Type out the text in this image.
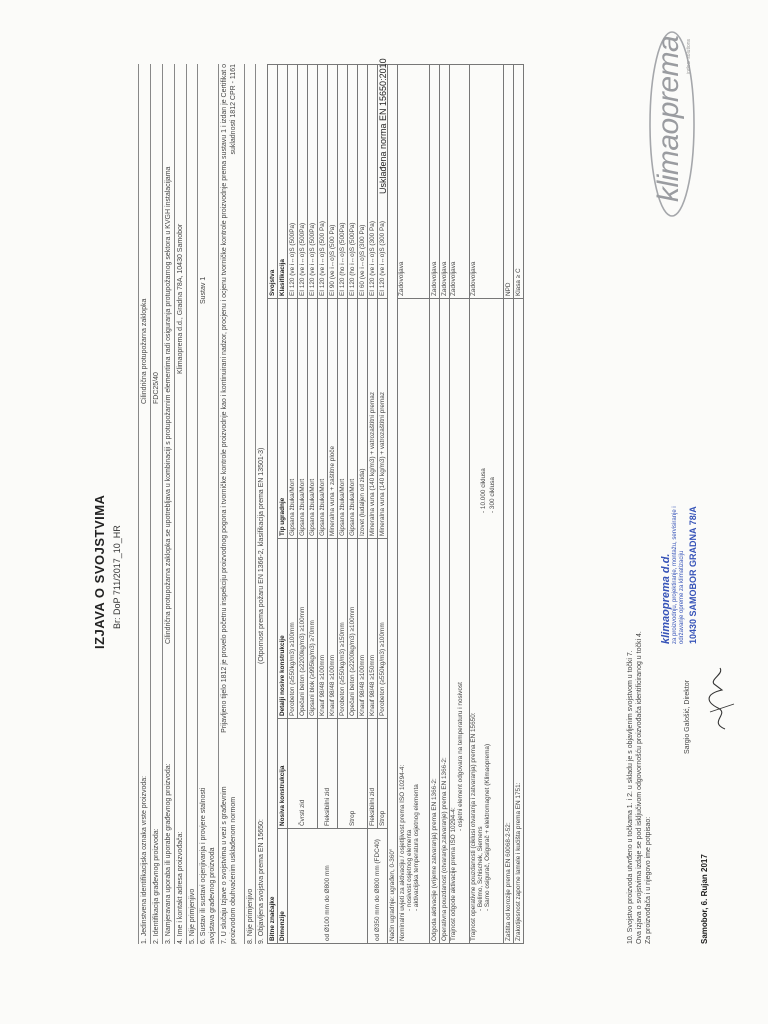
IZJAVA O SVOJSTVIMA Br: DoP 711/2017_10_HR
1. Jedinstvena identifikacijska oznaka vrste proizvoda:
Cilindrična protupožarna zaklopka
2. Identifikacija građevnog proizvoda:
FDC25/40
3. Namjeravana uporaba ili uporabe građevnog proizvoda:
Cilindrična protupožarna zaklopka se upotrebljava u kombinaciji s protupožarnim elementima radi osiguranja protupožarnog sektora u KVGH instalacijama
4. Ime i kontakt adresa proizvođača:
Klimaoprema d.d., Gradna 78A, 10430 Samobor
5. Nije primjenjivo 6. Sustav ili sustavi ocjenjivanja i provjere stalnosti svojstava građevnog proizvoda
Sustav 1
7. U slučaju Izjave o svojstvima u vezi s građevnim proizvodom obuhvaćenim usklađenom normom
Prijavljeno tijelo 1812 je provelo početnu inspekciju proizvodnog pogona i tvorničke kontrole proizvodnje kao i kontinuirani nadzor, procjenu i ocjenu tvorničke kontrole proizvodnje prema sustavu 1 i izdan je Certifikat o sukladnosti 1812 CPR - 1161
8. Nije primjenjivo 9. Objavljena svojstva prema EN 15650:
(Otpornost prema požaru EN 1366-2, klasifikacija prema EN 13501-3)
Bitne značajke				Svojstva
Dimenzije	Nosiva konstrukcija	Detalji nosive konstrukcije	Tip ugradnje	Klasifikacija
od Ø100 mm do Ø800 mm	Čvrsti zid	Porobeton (≥550kg/m3) ≥100mm	Gipsana žbuka/Mort	EI 120 (ve i↔o)S (500Pa)
		Opečani beton (≥2200kg/m3) ≥100mm	Gipsana žbuka/Mort	EI 120 (ve i↔o)S (500Pa)
		Gipsani blok (≥995kg/m3) ≥70mm	Gipsana žbuka/Mort	EI 120 (ve i↔o)S (500Pa)
	Fleksibilni zid	Knauf 98/48 ≥100mm	Gipsana žbuka/Mort	EI 120 (ve i↔o)S (500 Pa)
		Knauf 98/48 ≥100mm	Mineralna vuna + zaštitne ploče	EI 90 (ve i↔o)S (500 Pa)
	Strop	Porobeton (≥550kg/m3) ≥150mm	Gipsana žbuka/Mort	EI 120 (ho i↔o)S (500Pa)
		Opečani beton (≥2200kg/m3) ≥100mm	Gipsana žbuka/Mort	EI 120 (ho i↔o)S (500Pa)
		Knauf 98/48 ≥100mm	Izovet (ludaljen od zida)	EI 60 (ve i↔o)S (300 Pa)
od Ø350 mm do Ø800 mm (FDC40)	Fleksibilni zid	Knauf 98/48 ≥150mm	Mineralna vuna (140 kg/m3) + vatrozaštitni premaz	EI 120 (ve i↔o)S (300 Pa)
	Strop	Porobeton (≥550kg/m3) ≥100mm	Mineralna vuna (140 kg/m3) + vatrozaštitni premaz	EI 120 (ve i↔o)S (300 Pa)
Način ugradnje: ugrađen, 0-360°				

Nominalni uvjeti za aktivaciju / osjetljivost prema ISO 10294-4: - nosivost osjetnog elementa - aktivacijska temperatura osjetnog elementa				Zadovoljava
Odgoda aktivacije (vrijeme zatvaranja) prema EN 1366-2:				Zadovoljava
Operativna pouzdanost (otvaranje,zatvaranje) prema EN 1366-2:				Zadovoljava

Trajnost odgode aktivacije prema ISO 10294-4:
- osjetni element odgovara na temperaturu i nosivost				Zadovoljava

Trajnost operativne pouzdanosti (ciklusi otvaranja i zatvaranja) prema EN 15650: - Belimo, Schischek, Siemens - Samo osigurač, Osigurač + elektromagnet (Klimaoprema)
- 10.000 ciklusa - 300 ciklusa				Zadovoljava
Zaštita od korozije prema EN 60068-2-52:				NPD
Zrakotijesnost zaporne lamele i kućišta prema EN 1751:				Klasa ≥ C
10. Svojstvo proizvoda utvrđeno u točkama 1. i 2. u skladu je s objavljenim svojstvom u točki 7. Ova izjava o svojstvima izdaje se pod isključivom odgovornošću proizvođača identificiranog u točki 4. Za proizvođača i u njegovo ime potpisao:	Samobor, 6. Rujan 2017
Sargio Galošić, Direktor
klimaoprema d.d. za proizvodnju, projektiranje, montažu, servisiranje i održavanje opreme za klimatizaciju 10430 SAMOBOR GRADNA 78/A
Usklađena norma EN 15650:2010	klimaoprema indoor solutions
